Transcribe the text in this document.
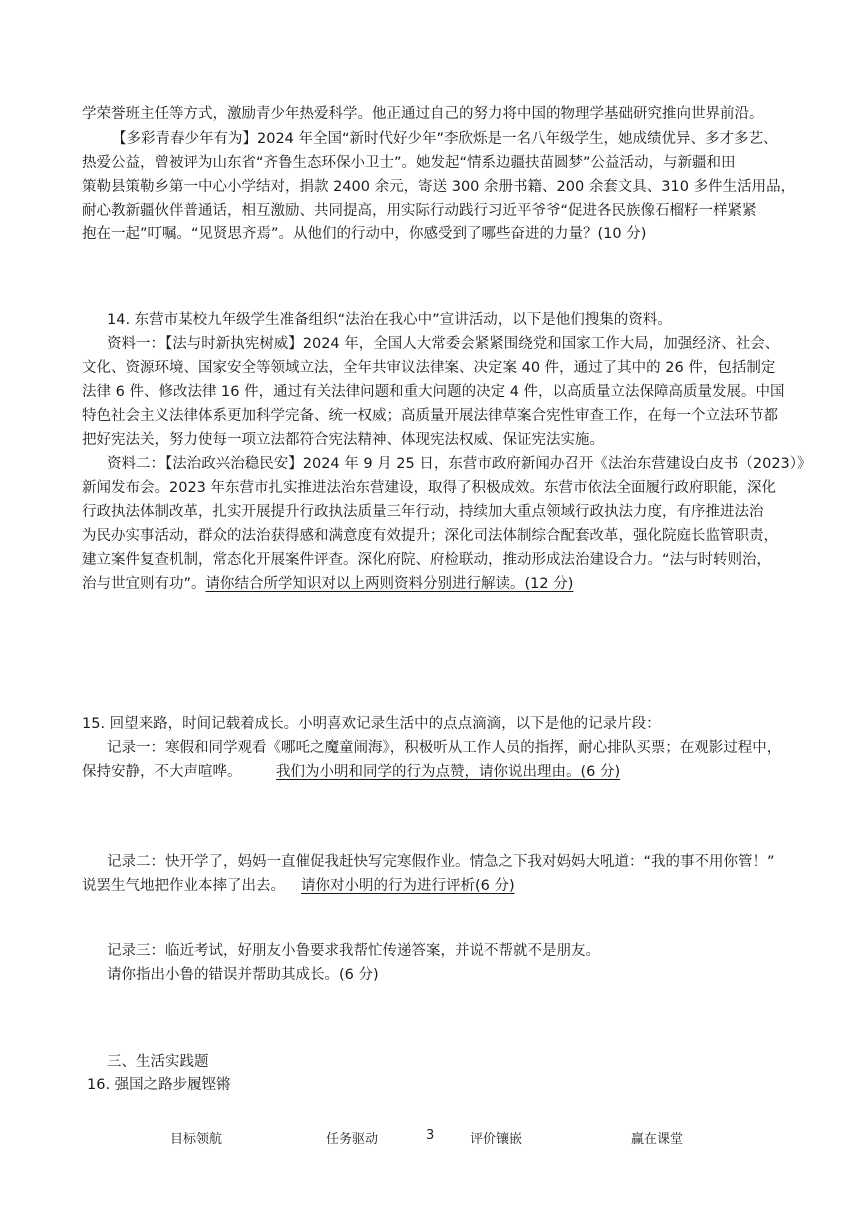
学荣誉班主任等方式，激励青少年热爱科学。他正通过自己的努力将中国的物理学基础研究推向世界前沿。
【多彩青春少年有为】2024 年全国“新时代好少年”李欣烁是一名八年级学生，她成绩优异、多才多艺、
热爱公益，曾被评为山东省“齐鲁生态环保小卫士”。她发起“情系边疆扶苗圆梦”公益活动，与新疆和田
策勒县策勒乡第一中心小学结对，捐款 2400 余元，寄送 300 余册书籍、200 余套文具、310 多件生活用品，
耐心教新疆伙伴普通话，相互激励、共同提高，用实际行动践行习近平爷爷“促进各民族像石榴籽一样紧紧
抱在一起”叮嘱。“见贤思齐焉”。从他们的行动中，你感受到了哪些奋进的力量？(10 分)
14. 东营市某校九年级学生准备组织“法治在我心中”宣讲活动，以下是他们搜集的资料。
资料一：【法与时新执宪树威】2024 年，全国人大常委会紧紧围绕党和国家工作大局，加强经济、社会、
文化、资源环境、国家安全等领域立法，全年共审议法律案、决定案 40 件，通过了其中的 26 件，包括制定
法律 6 件、修改法律 16 件，通过有关法律问题和重大问题的决定 4 件，以高质量立法保障高质量发展。中国
特色社会主义法律体系更加科学完备、统一权威；高质量开展法律草案合宪性审查工作，在每一个立法环节都
把好宪法关，努力使每一项立法都符合宪法精神、体现宪法权威、保证宪法实施。
资料二：【法治政兴治稳民安】2024 年 9 月 25 日，东营市政府新闻办召开《法治东营建设白皮书（2023）》
新闻发布会。2023 年东营市扎实推进法治东营建设，取得了积极成效。东营市依法全面履行政府职能，深化
行政执法体制改革，扎实开展提升行政执法质量三年行动，持续加大重点领域行政执法力度，有序推进法治
为民办实事活动，群众的法治获得感和满意度有效提升；深化司法体制综合配套改革，强化院庭长监管职责，
建立案件复查机制，常态化开展案件评查。深化府院、府检联动，推动形成法治建设合力。“法与时转则治，
治与世宜则有功”。请你结合所学知识对以上两则资料分别进行解读。(12 分)
15. 回望来路，时间记载着成长。小明喜欢记录生活中的点点滴滴，以下是他的记录片段：
记录一：寒假和同学观看《哪吒之魔童闹海》，积极听从工作人员的指挥，耐心排队买票；在观影过程中，
保持安静，不大声喧哗。 我们为小明和同学的行为点赞，请你说出理由。(6 分)
记录二：快开学了，妈妈一直催促我赶快写完寒假作业。情急之下我对妈妈大吼道：“我的事不用你管！”
说罢生气地把作业本摔了出去。 请你对小明的行为进行评析(6 分)
记录三：临近考试，好朋友小鲁要求我帮忙传递答案，并说不帮就不是朋友。
请你指出小鲁的错误并帮助其成长。(6 分)
三、生活实践题
16. 强国之路步履铿锵
目标领航	任务驱动	3	评价镶嵌	赢在课堂
